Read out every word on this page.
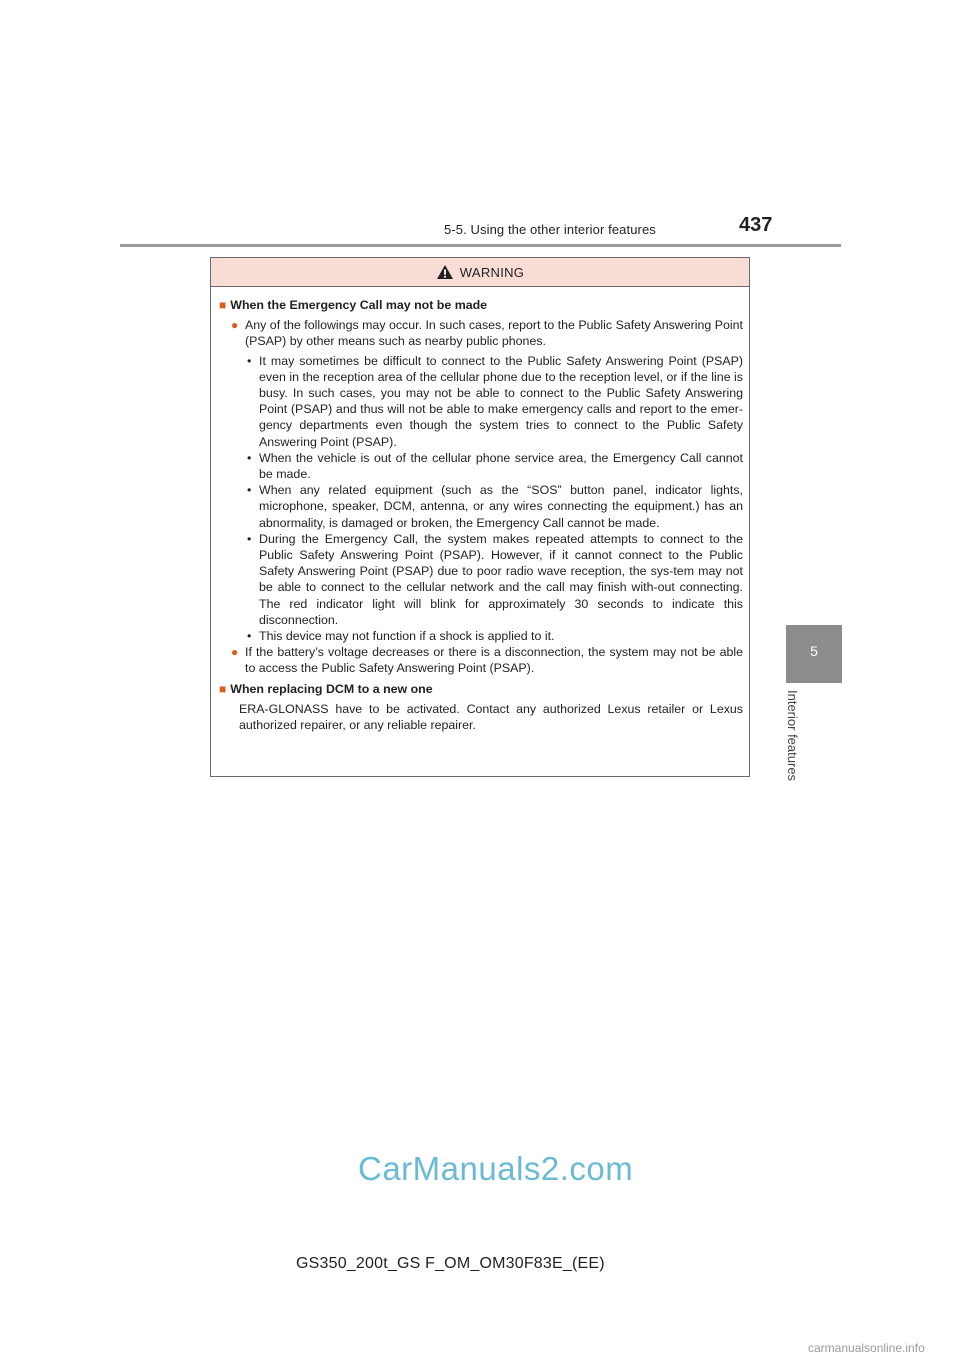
5-5. Using the other interior features	437
5
Interior features
WARNING
■ When the Emergency Call may not be made
● Any of the followings may occur. In such cases, report to the Public Safety Answering Point (PSAP) by other means such as nearby public phones.
• It may sometimes be difficult to connect to the Public Safety Answering Point (PSAP) even in the reception area of the cellular phone due to the reception level, or if the line is busy. In such cases, you may not be able to connect to the Public Safety Answering Point (PSAP) and thus will not be able to make emergency calls and report to the emer-gency departments even though the system tries to connect to the Public Safety Answering Point (PSAP).
• When the vehicle is out of the cellular phone service area, the Emergency Call cannot be made.
• When any related equipment (such as the “SOS” button panel, indicator lights, microphone, speaker, DCM, antenna, or any wires connecting the equipment.) has an abnormality, is damaged or broken, the Emergency Call cannot be made.
• During the Emergency Call, the system makes repeated attempts to connect to the Public Safety Answering Point (PSAP). However, if it cannot connect to the Public Safety Answering Point (PSAP) due to poor radio wave reception, the sys-tem may not be able to connect to the cellular network and the call may finish with-out connecting. The red indicator light will blink for approximately 30 seconds to indicate this disconnection.
• This device may not function if a shock is applied to it.
● If the battery’s voltage decreases or there is a disconnection, the system may not be able to access the Public Safety Answering Point (PSAP).
■ When replacing DCM to a new one
ERA-GLONASS have to be activated. Contact any authorized Lexus retailer or Lexus authorized repairer, or any reliable repairer.
CarManuals2.com
GS350_200t_GS F_OM_OM30F83E_(EE)
carmanualsonline.info
